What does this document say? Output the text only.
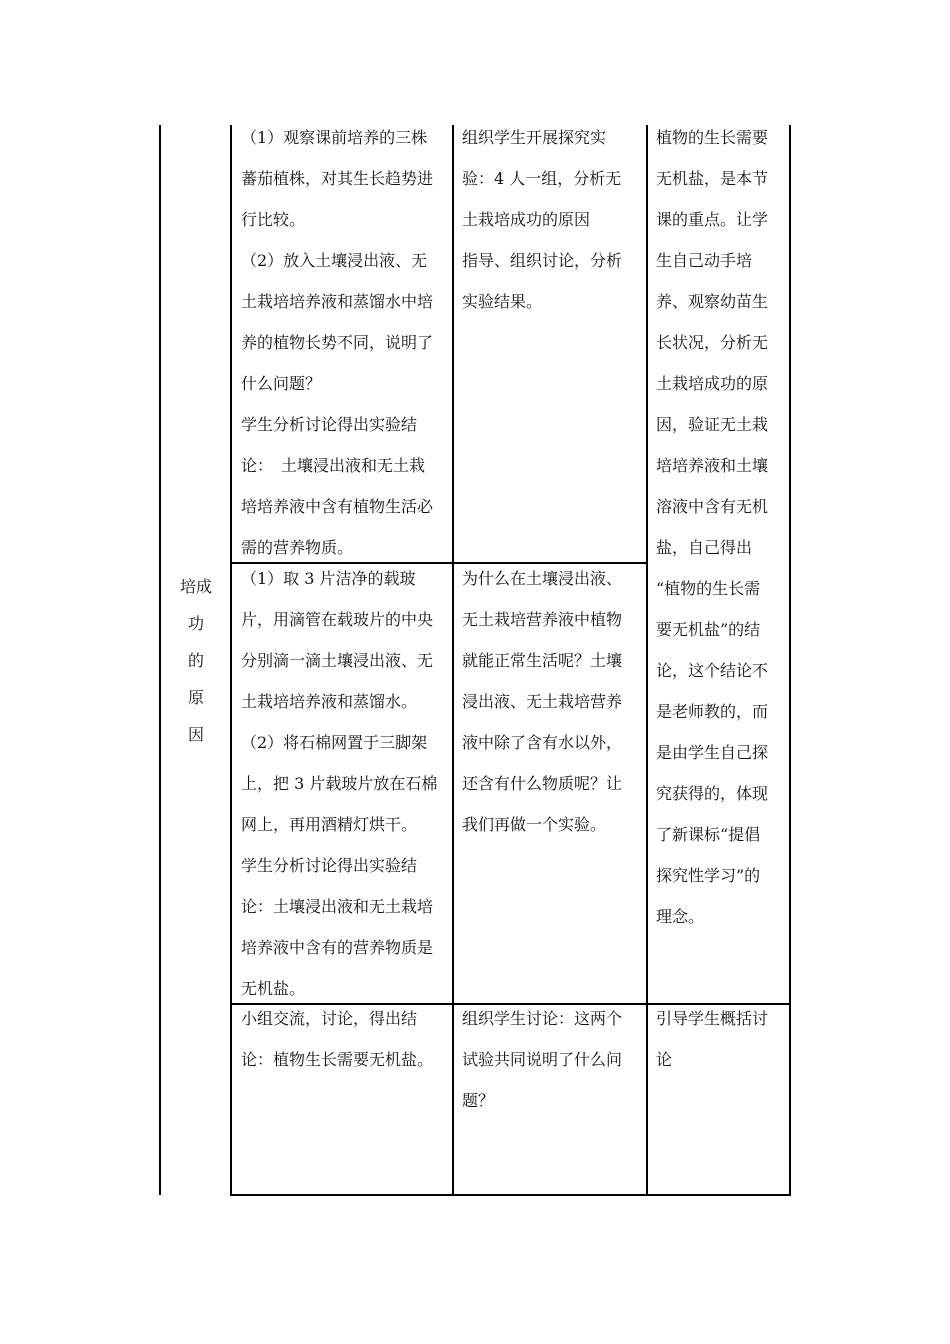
培成
功
的
原
因

（1）观察课前培养的三株

蕃茄植株，对其生长趋势进

行比较。

（2）放入土壤浸出液、无

土栽培培养液和蒸馏水中培

养的植物长势不同，说明了

什么问题？

学生分析讨论得出实验结

论：　土壤浸出液和无土栽

培培养液中含有植物生活必

需的营养物质。

组织学生开展探究实

验：4 人一组，分析无

土栽培成功的原因

指导、组织讨论，分析

实验结果。

植物的生长需要

无机盐，是本节

课的重点。让学

生自己动手培

养、观察幼苗生

长状况，分析无

土栽培成功的原

因，验证无土栽

培培养液和土壤

溶液中含有无机

盐，自己得出

“植物的生长需

要无机盐”的结

论，这个结论不

是老师教的，而

是由学生自己探

究获得的，体现

了新课标“提倡

探究性学习”的

理念。

（1）取 3 片洁净的载玻

片，用滴管在载玻片的中央

分别滴一滴土壤浸出液、无

土栽培培养液和蒸馏水。

（2）将石棉网置于三脚架

上，把 3 片载玻片放在石棉

网上，再用酒精灯烘干。

学生分析讨论得出实验结

论：土壤浸出液和无土栽培

培养液中含有的营养物质是

无机盐。

为什么在土壤浸出液、

无土栽培营养液中植物

就能正常生活呢？土壤

浸出液、无土栽培营养

液中除了含有水以外，

还含有什么物质呢？让

我们再做一个实验。

小组交流，讨论，得出结

论：植物生长需要无机盐。

组织学生讨论：这两个

试验共同说明了什么问

题？

引导学生概括讨

论
